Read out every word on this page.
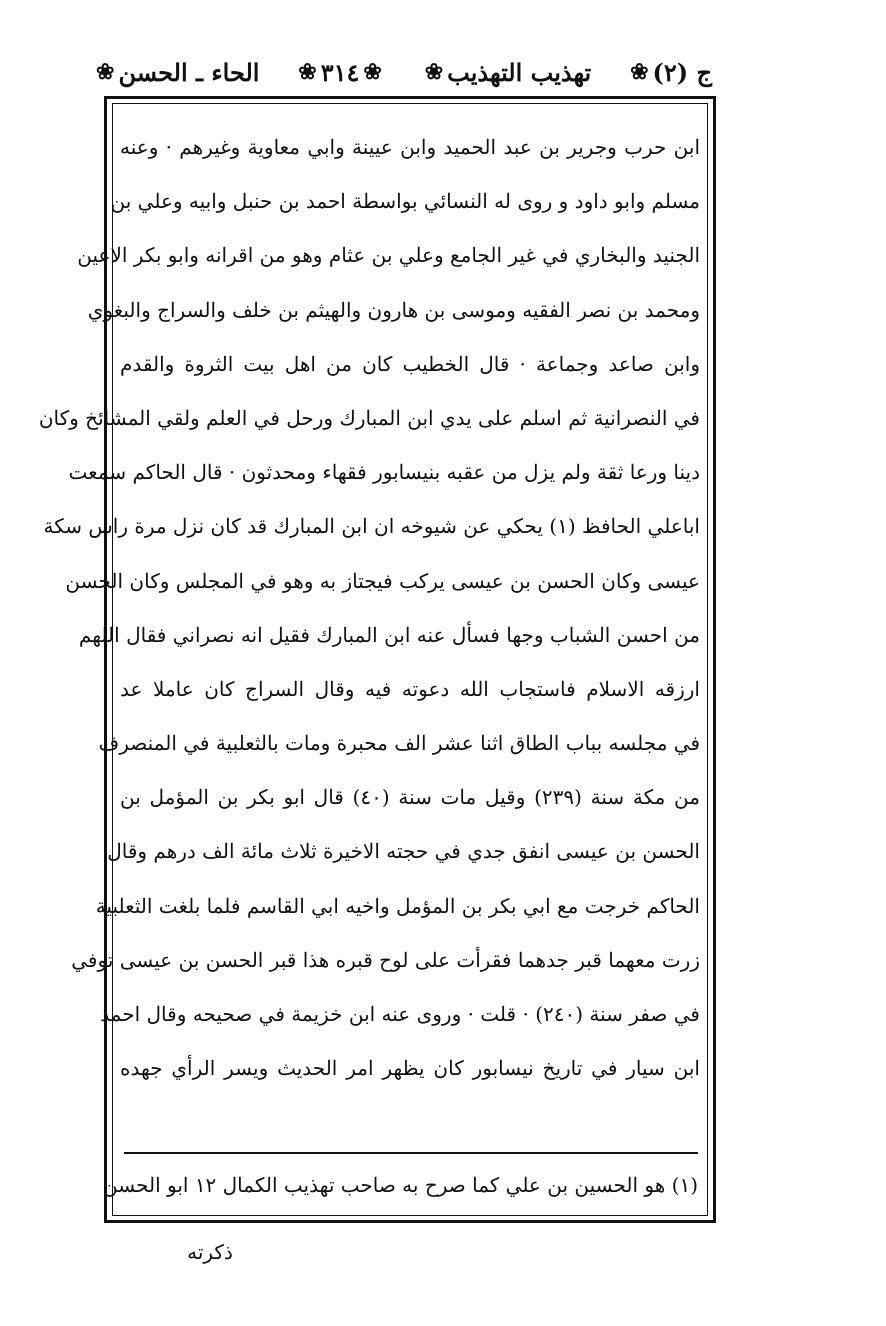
ج (٢)
❀
تهذيب التهذيب
❀
❀
٣١٤
❀
الحاء ـ الحسن
❀
ابن حرب وجرير بن عبد الحميد وابن عيينة وابي معاوية وغيرهم · وعنه
مسلم وابو داود و روى له النسائي بواسطة احمد بن حنبل وابيه وعلي بن
الجنيد والبخاري في غير الجامع وعلي بن عثام وهو من اقرانه وابو بكر الاعين
ومحمد بن نصر الفقيه وموسى بن هارون والهيثم بن خلف والسراج والبغوي
وابن صاعد وجماعة · قال الخطيب كان من اهل بيت الثروة والقدم
في النصرانية ثم اسلم على يدي ابن المبارك ورحل في العلم ولقي المشائخ وكان
دينا ورعا ثقة ولم يزل من عقبه بنيسابور فقهاء ومحدثون · قال الحاكم سمعت
اباعلي الحافظ (١) يحكي عن شيوخه ان ابن المبارك قد كان نزل مرة راس سكة
عيسى وكان الحسن بن عيسى يركب فيجتاز به وهو في المجلس وكان الحسن
من احسن الشباب وجها فسأل عنه ابن المبارك فقيل انه نصراني فقال اللهم
ارزقه الاسلام فاستجاب الله دعوته فيه وقال السراج كان عاملا عد
في مجلسه بباب الطاق اثنا عشر الف محبرة ومات بالثعلبية في المنصرف
من مكة سنة (٢٣٩) وقيل مات سنة (٤٠) قال ابو بكر بن المؤمل بن
الحسن بن عيسى انفق جدي في حجته الاخيرة ثلاث مائة الف درهم وقال
الحاكم خرجت مع ابي بكر بن المؤمل واخيه ابي القاسم فلما بلغت الثعلبية
زرت معهما قبر جدهما فقرأت على لوح قبره هذا قبر الحسن بن عيسى توفي
في صفر سنة (٢٤٠) · قلت · وروى عنه ابن خزيمة في صحيحه وقال احمد
ابن سيار في تاريخ نيسابور كان يظهر امر الحديث ويسر الرأي جهده
(١) هو الحسين بن علي كما صرح به صاحب تهذيب الكمال ١٢ ابو الحسن
ذكرته
